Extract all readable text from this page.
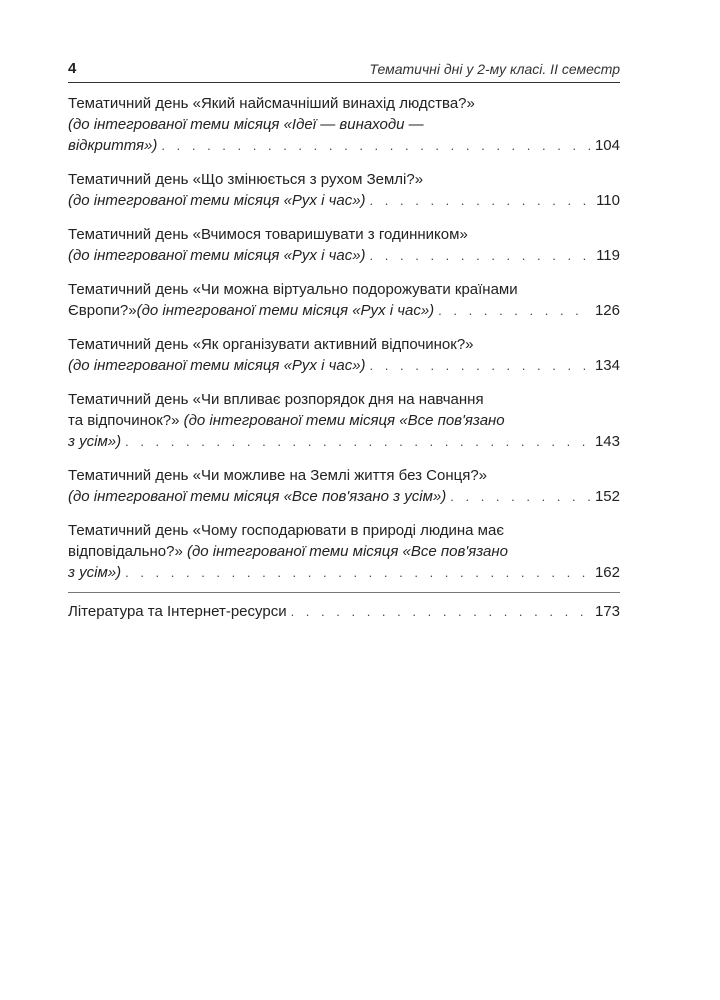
4	Тематичні дні у 2-му класі. ІІ семестр
Тематичний день «Який найсмачніший винахід людства?»
(до інтегрованої теми місяця «Ідеї — винаходи —
відкриття») . . .	104
Тематичний день «Що змінюється з рухом Землі?»
(до інтегрованої теми місяця «Рух і час») . . .	110
Тематичний день «Вчимося товаришувати з годинником»
(до інтегрованої теми місяця «Рух і час») . . .	119
Тематичний день «Чи можна віртуально подорожувати країнами
Європи?» (до інтегрованої теми місяця «Рух і час») . . .	126
Тематичний день «Як організувати активний відпочинок?»
(до інтегрованої теми місяця «Рух і час») . . .	134
Тематичний день «Чи впливає розпорядок дня на навчання
та відпочинок?» (до інтегрованої теми місяця «Все пов'язано
з усім») . . .	143
Тематичний день «Чи можливе на Землі життя без Сонця?»
(до інтегрованої теми місяця «Все пов'язано з усім») . . .	152
Тематичний день «Чому господарювати в природі людина має
відповідально?» (до інтегрованої теми місяця «Все пов'язано
з усім») . . .	162
Література та Інтернет-ресурси . . .	173
